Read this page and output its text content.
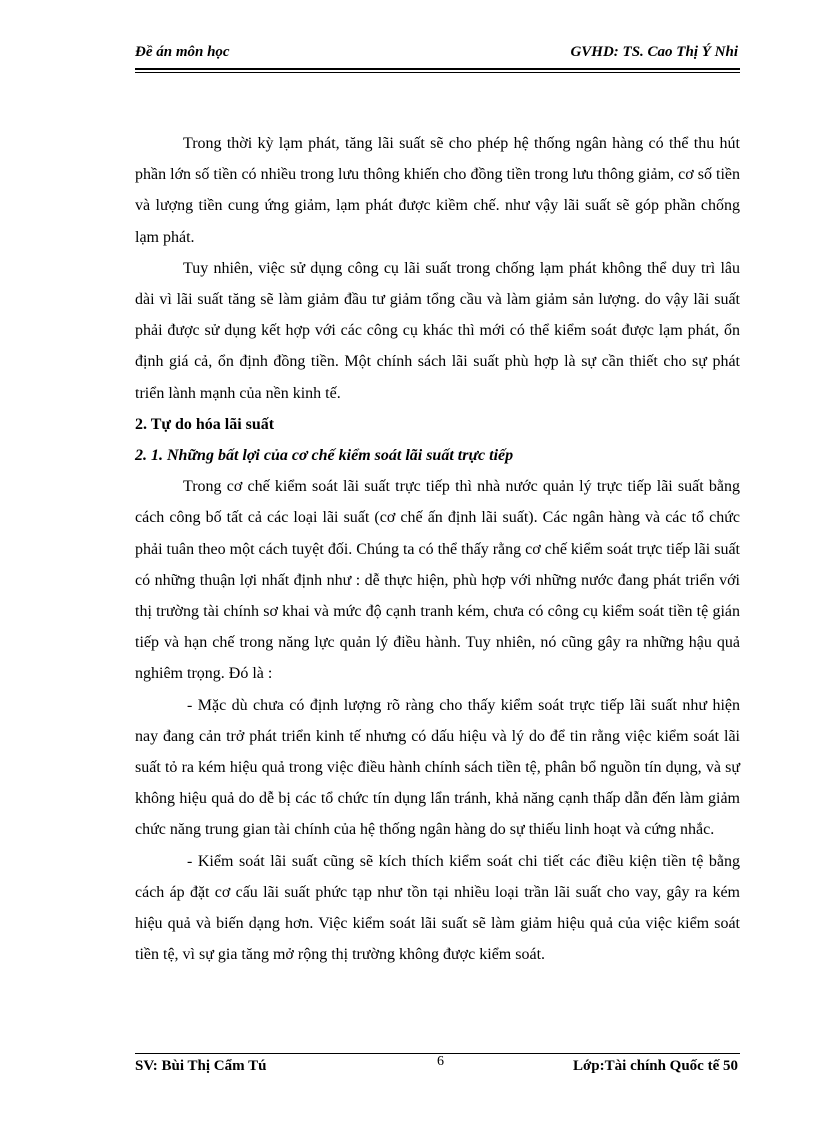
Đề án môn học	GVHD: TS. Cao Thị Ý Nhi

Trong thời kỳ lạm phát, tăng lãi suất sẽ cho phép hệ thống ngân hàng có thể thu hút phần lớn số tiền có nhiều trong lưu thông khiến cho đồng tiền trong lưu thông giảm, cơ số tiền và lượng tiền cung ứng giảm, lạm phát được kiềm chế. như vậy lãi suất sẽ góp phần chống lạm phát.

Tuy nhiên, việc sử dụng công cụ lãi suất trong chống lạm phát không thể duy trì lâu dài vì lãi suất tăng sẽ làm giảm đầu tư giảm tổng cầu và làm giảm sản lượng. do vậy lãi suất phải được sử dụng kết hợp với các công cụ khác thì mới có thể kiểm soát được lạm phát, ổn định giá cả, ổn định đồng tiền. Một chính sách lãi suất phù hợp là sự cần thiết cho sự phát triển lành mạnh của nền kinh tế.

2. Tự do hóa lãi suất
2. 1. Những bất lợi của cơ chế kiểm soát lãi suất trực tiếp

Trong cơ chế kiểm soát lãi suất trực tiếp thì nhà nước quản lý trực tiếp lãi suất bằng cách công bố tất cả các loại lãi suất (cơ chế ấn định lãi suất). Các ngân hàng và các tổ chức phải tuân theo một cách tuyệt đối. Chúng ta có thể thấy rằng cơ chế kiểm soát trực tiếp lãi suất có những thuận lợi nhất định như : dễ thực hiện, phù hợp với những nước đang phát triển với thị trường tài chính sơ khai và mức độ cạnh tranh kém, chưa có công cụ kiểm soát tiền tệ gián tiếp và hạn chế trong năng lực quản lý điều hành. Tuy nhiên, nó cũng gây ra những hậu quả nghiêm trọng. Đó là :

- Mặc dù chưa có định lượng rõ ràng cho thấy kiểm soát trực tiếp lãi suất như hiện nay đang cản trở phát triển kinh tế nhưng có dấu hiệu và lý do để tin rằng việc kiểm soát lãi suất tỏ ra kém hiệu quả trong việc điều hành chính sách tiền tệ, phân bổ nguồn tín dụng, và sự không hiệu quả do dễ bị các tổ chức tín dụng lẩn tránh, khả năng cạnh thấp dẫn đến làm giảm chức năng trung gian tài chính của hệ thống ngân hàng do sự thiếu linh hoạt và cứng nhắc.

- Kiểm soát lãi suất cũng sẽ kích thích kiểm soát chi tiết các điều kiện tiền tệ bằng cách áp đặt cơ cấu lãi suất phức tạp như tồn tại nhiều loại trần lãi suất cho vay, gây ra kém hiệu quả và biến dạng hơn. Việc kiểm soát lãi suất sẽ làm giảm hiệu quả của việc kiểm soát tiền tệ, vì sự gia tăng mở rộng thị trường không được kiểm soát.

SV: Bùi Thị Cẩm Tú	6	Lớp:Tài chính Quốc tế 50
